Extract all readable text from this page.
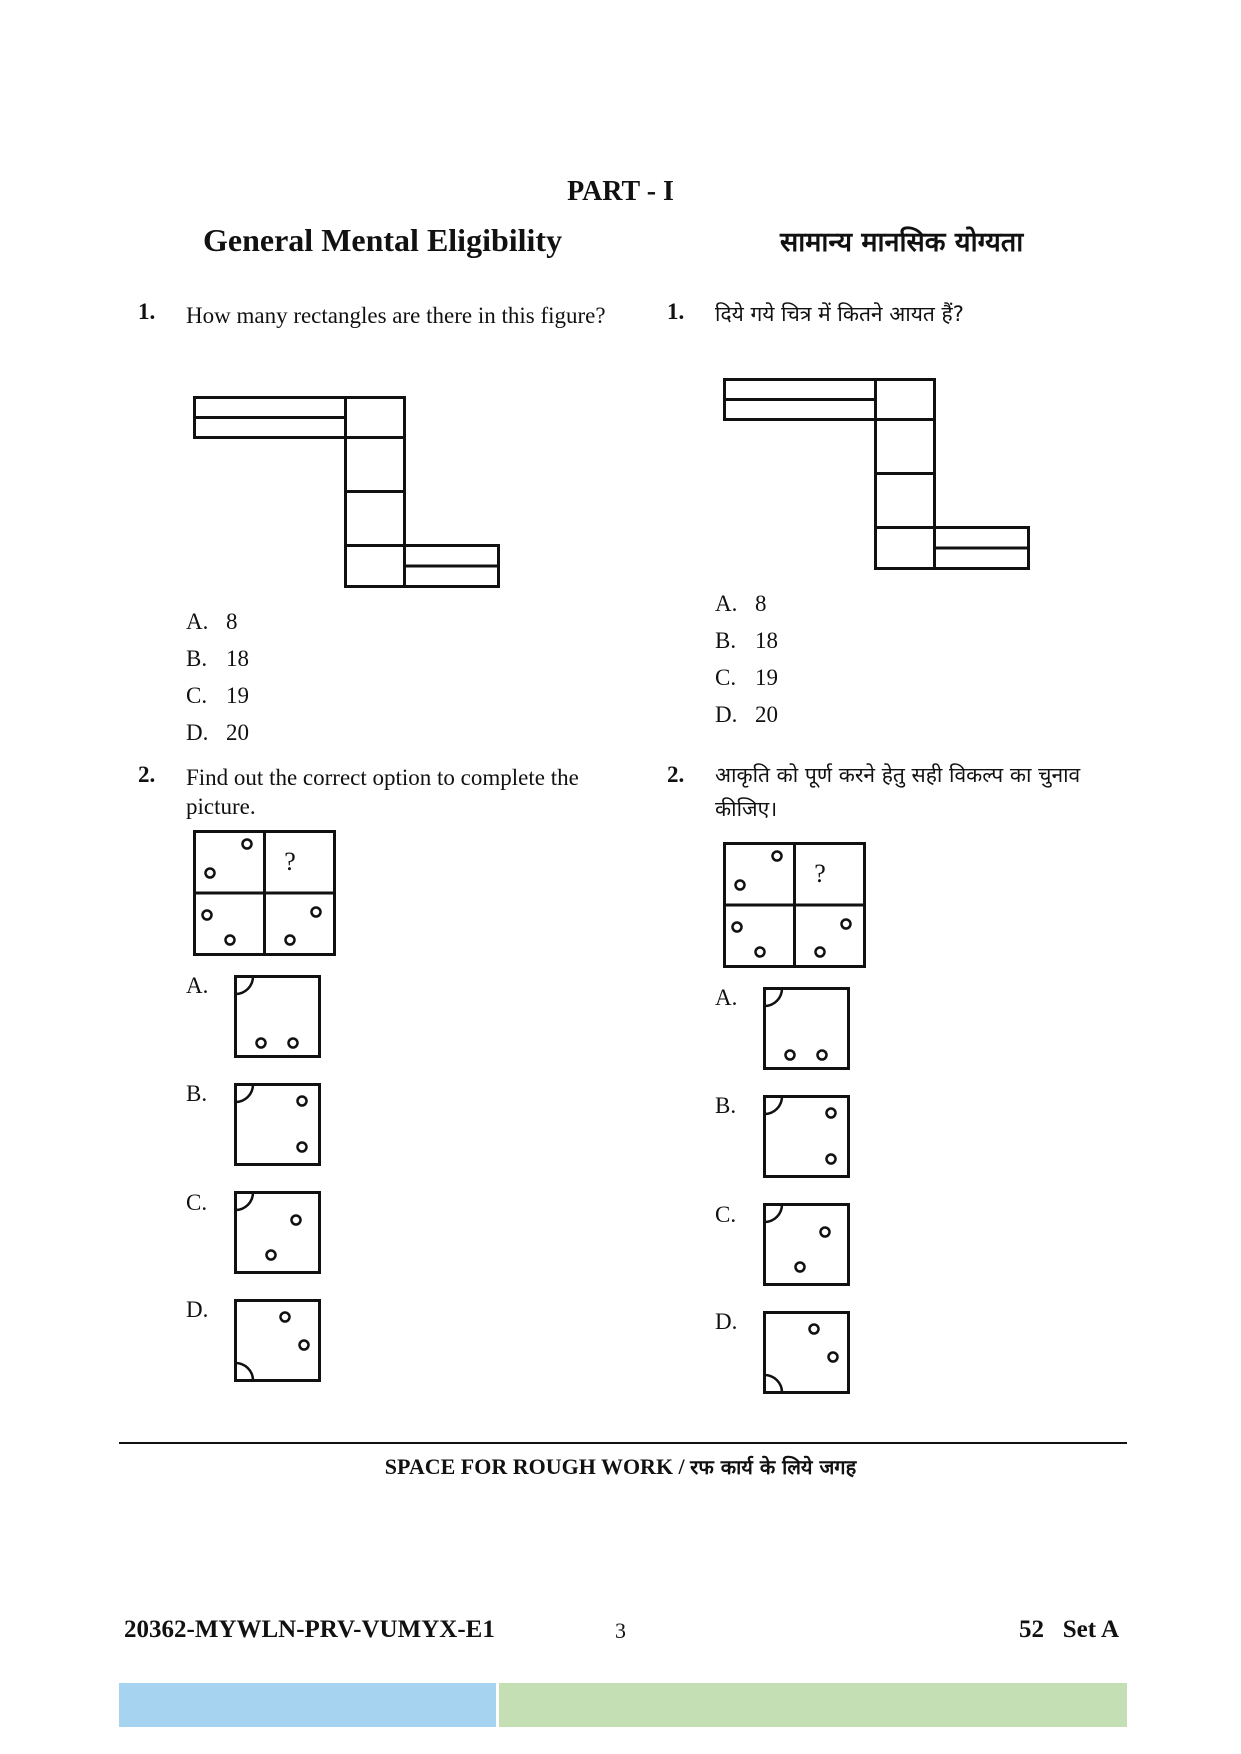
PART - I
General Mental Eligibility	सामान्य मानसिक योग्यता
1. How many rectangles are there in this figure?
A. 8
B. 18
C. 19
D. 20
2. Find out the correct option to complete the picture.
?
A.
B.
C.
D.
1. दिये गये चित्र में कितने आयत हैं?
A. 8
B. 18
C. 19
D. 20
2. आकृति को पूर्ण करने हेतु सही विकल्प का चुनाव कीजिए।
?
A.
B.
C.
D.
SPACE FOR ROUGH WORK / रफ कार्य के लिये जगह
20362-MYWLN-PRV-VUMYX-E1	3	52   Set A
